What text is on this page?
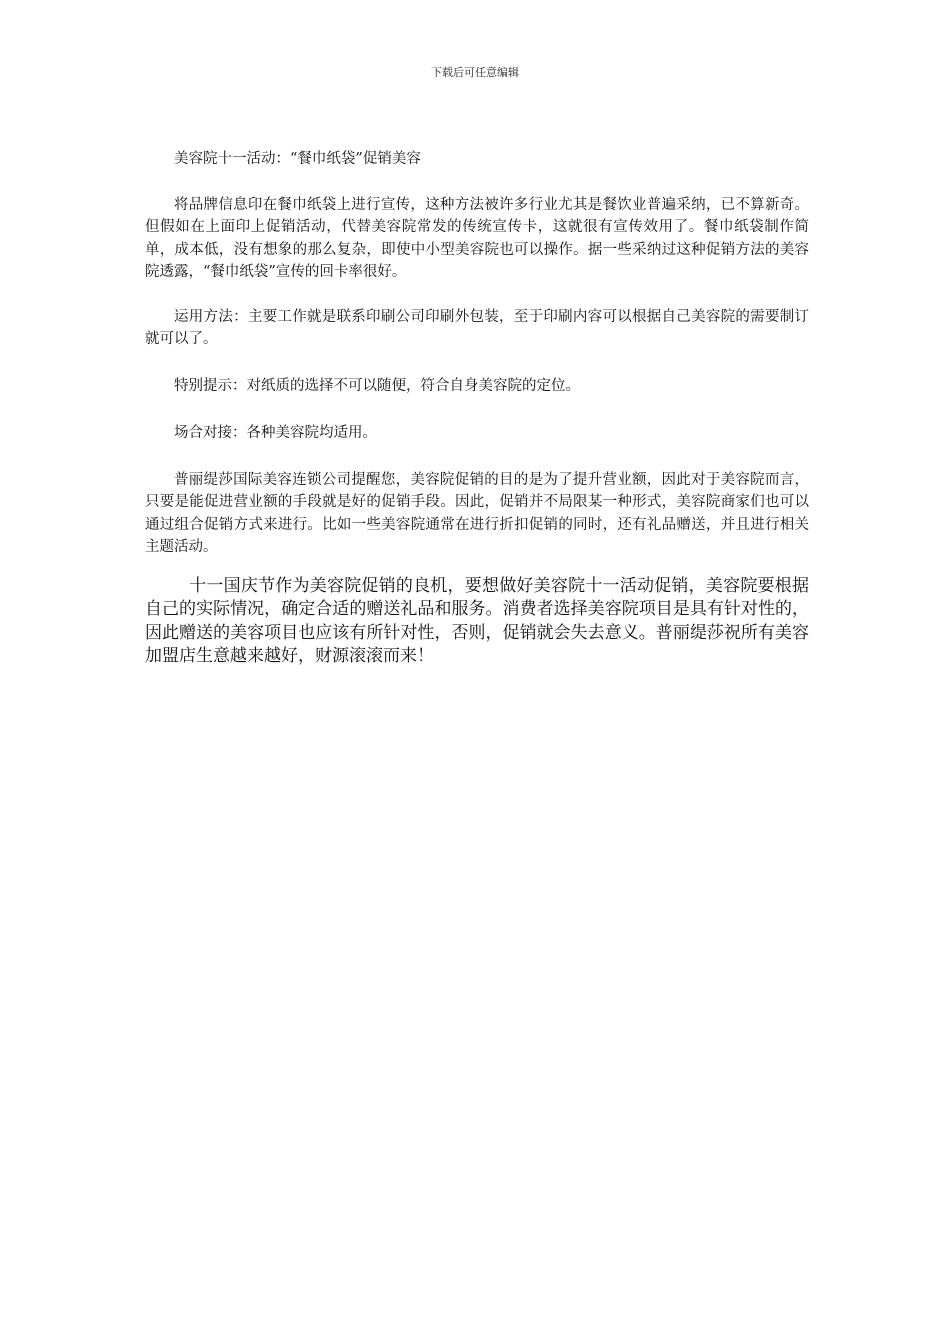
下载后可任意编辑

美容院十一活动：“餐巾纸袋”促销美容

将品牌信息印在餐巾纸袋上进行宣传，这种方法被许多行业尤其是餐饮业普遍采纳，已不算新奇。但假如在上面印上促销活动，代替美容院常发的传统宣传卡，这就很有宣传效用了。餐巾纸袋制作简单，成本低，没有想象的那么复杂，即使中小型美容院也可以操作。据一些采纳过这种促销方法的美容院透露，“餐巾纸袋”宣传的回卡率很好。

运用方法：主要工作就是联系印刷公司印刷外包装，至于印刷内容可以根据自己美容院的需要制订就可以了。

特别提示：对纸质的选择不可以随便，符合自身美容院的定位。

场合对接：各种美容院均适用。

普丽缇莎国际美容连锁公司提醒您，美容院促销的目的是为了提升营业额，因此对于美容院而言，只要是能促进营业额的手段就是好的促销手段。因此，促销并不局限某一种形式，美容院商家们也可以通过组合促销方式来进行。比如一些美容院通常在进行折扣促销的同时，还有礼品赠送，并且进行相关主题活动。

十一国庆节作为美容院促销的良机，要想做好美容院十一活动促销，美容院要根据自己的实际情况，确定合适的赠送礼品和服务。消费者选择美容院项目是具有针对性的，因此赠送的美容项目也应该有所针对性，否则，促销就会失去意义。普丽缇莎祝所有美容加盟店生意越来越好，财源滚滚而来！
